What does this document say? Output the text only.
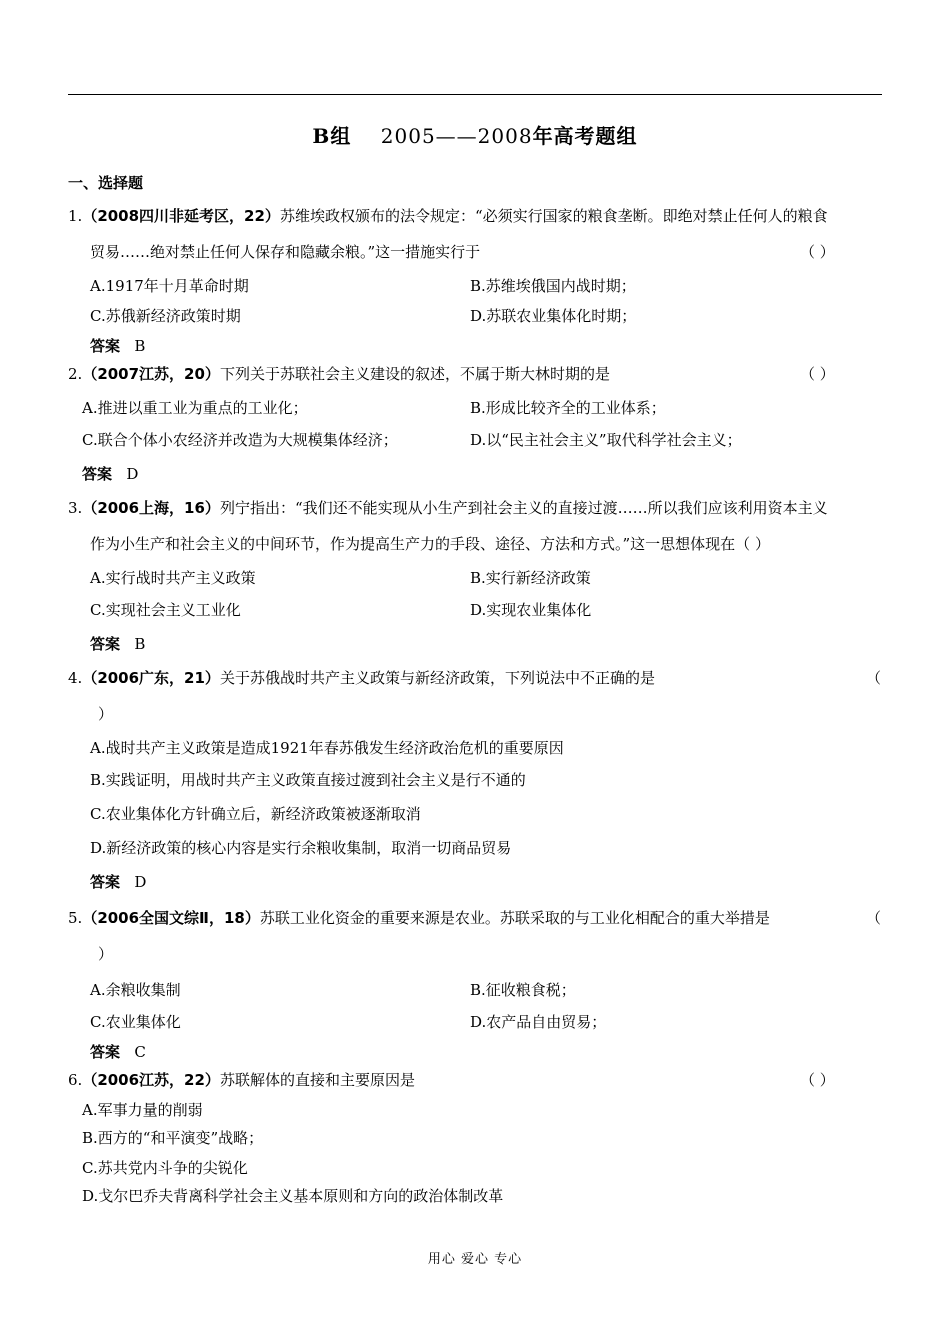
B组 2005——2008年高考题组
一、选择题
1.（2008四川非延考区，22）苏维埃政权颁布的法令规定：“必须实行国家的粮食垄断。即绝对禁止任何人的粮食
贸易……绝对禁止任何人保存和隐藏余粮。”这一措施实行于	（ ）
A.1917年十月革命时期	B.苏维埃俄国内战时期；
C.苏俄新经济政策时期	D.苏联农业集体化时期；
答案 B
2.（2007江苏，20）下列关于苏联社会主义建设的叙述，不属于斯大林时期的是	（ ）
A.推进以重工业为重点的工业化；	B.形成比较齐全的工业体系；
C.联合个体小农经济并改造为大规模集体经济；	D.以“民主社会主义”取代科学社会主义；
答案 D
3.（2006上海，16）列宁指出：“我们还不能实现从小生产到社会主义的直接过渡……所以我们应该利用资本主义
作为小生产和社会主义的中间环节，作为提高生产力的手段、途径、方法和方式。”这一思想体现在（ ）
A.实行战时共产主义政策	B.实行新经济政策
C.实现社会主义工业化	D.实现农业集体化
答案 B
4.（2006广东，21）关于苏俄战时共产主义政策与新经济政策，下列说法中不正确的是	（
）
A.战时共产主义政策是造成1921年春苏俄发生经济政治危机的重要原因
B.实践证明，用战时共产主义政策直接过渡到社会主义是行不通的
C.农业集体化方针确立后，新经济政策被逐渐取消
D.新经济政策的核心内容是实行余粮收集制，取消一切商品贸易
答案 D
5.（2006全国文综Ⅱ，18）苏联工业化资金的重要来源是农业。苏联采取的与工业化相配合的重大举措是	（
）
A.余粮收集制	B.征收粮食税；
C.农业集体化	D.农产品自由贸易；
答案 C
6.（2006江苏，22）苏联解体的直接和主要原因是	（ ）
A.军事力量的削弱
B.西方的“和平演变”战略；
C.苏共党内斗争的尖锐化
D.戈尔巴乔夫背离科学社会主义基本原则和方向的政治体制改革
用心 爱心 专心
